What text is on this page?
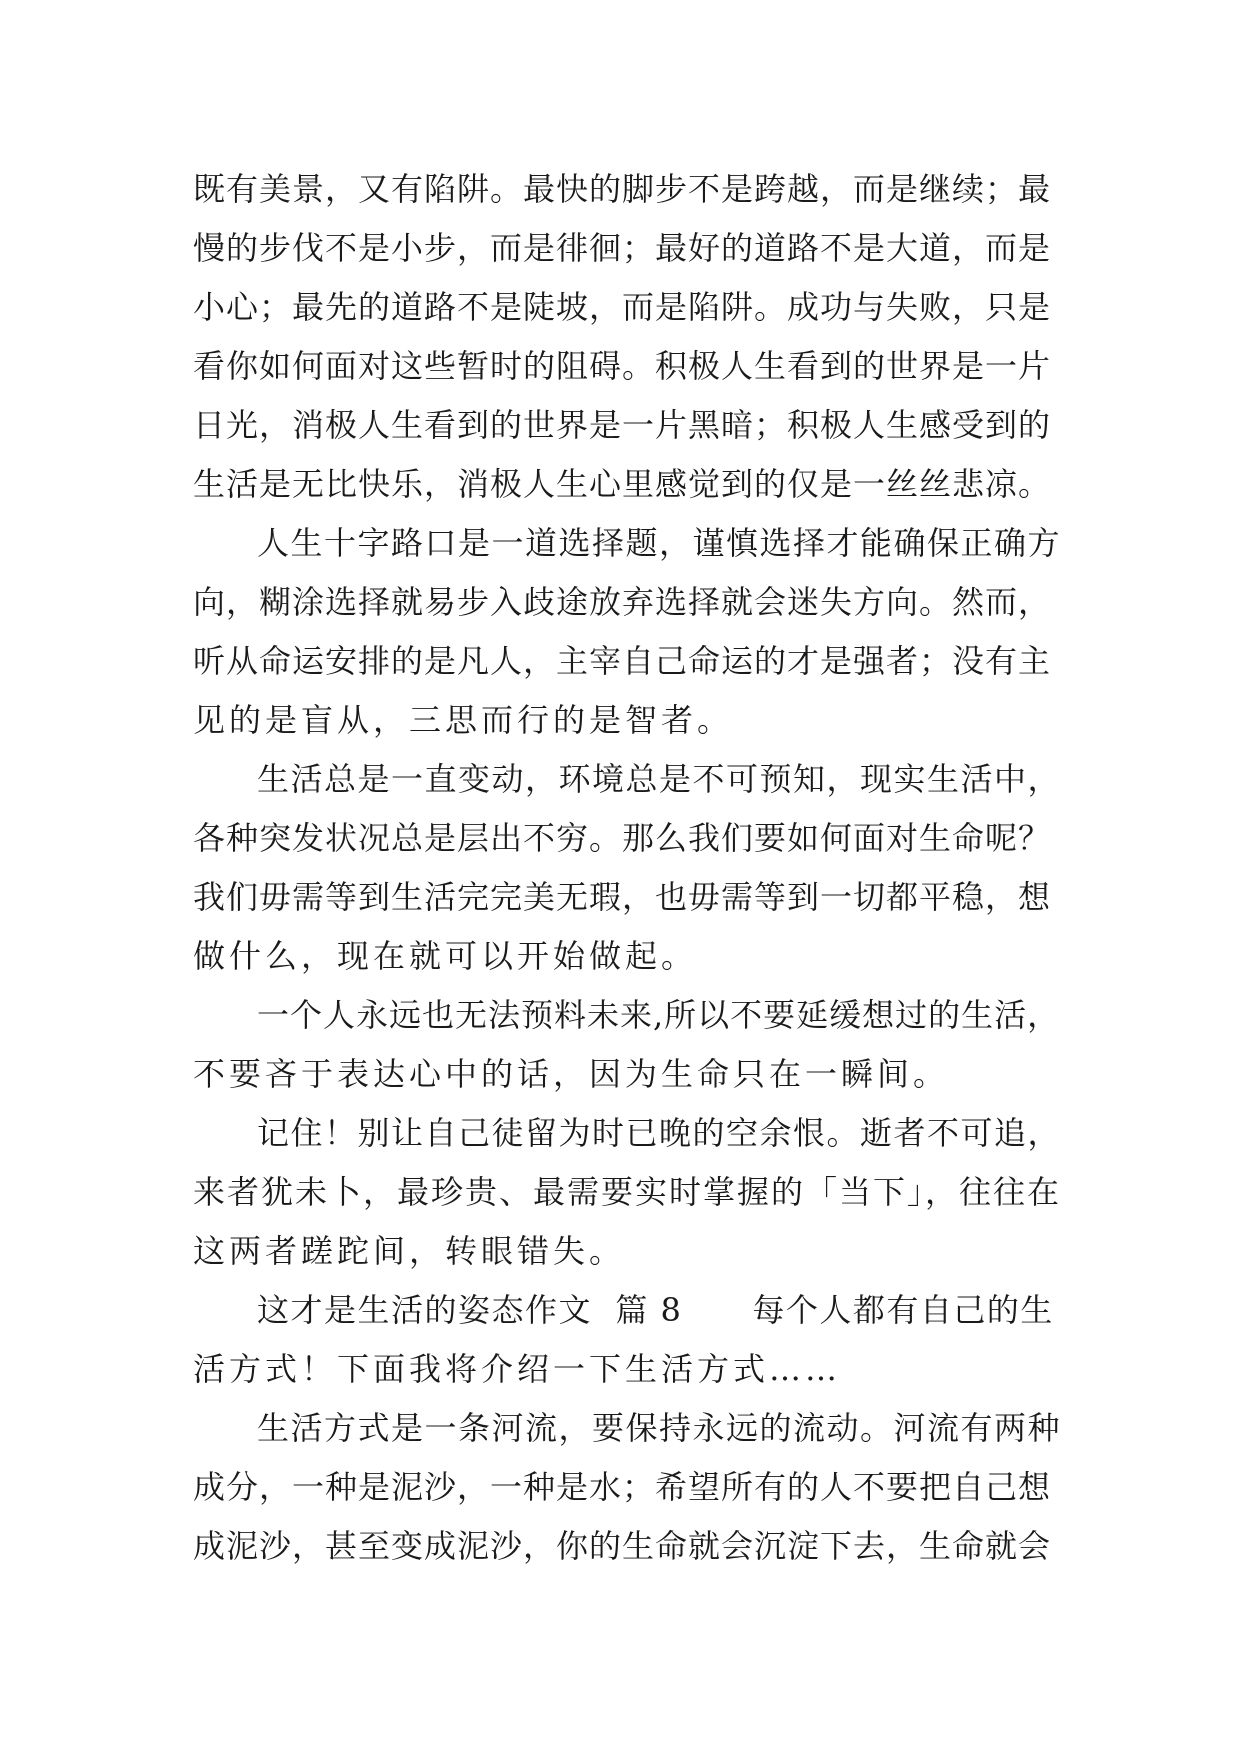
既有美景，又有陷阱。最快的脚步不是跨越，而是继续；最
慢的步伐不是小步，而是徘徊；最好的道路不是大道，而是
小心；最先的道路不是陡坡，而是陷阱。成功与失败，只是
看你如何面对这些暂时的阻碍。积极人生看到的世界是一片
日光，消极人生看到的世界是一片黑暗；积极人生感受到的
生活是无比快乐，消极人生心里感觉到的仅是一丝丝悲凉。
人生十字路口是一道选择题，谨慎选择才能确保正确方
向，糊涂选择就易步入歧途放弃选择就会迷失方向。然而，
听从命运安排的是凡人，主宰自己命运的才是强者；没有主
见的是盲从，三思而行的是智者。
生活总是一直变动，环境总是不可预知，现实生活中，
各种突发状况总是层出不穷。那么我们要如何面对生命呢？
我们毋需等到生活完完美无瑕，也毋需等到一切都平稳，想
做什么，现在就可以开始做起。
一个人永远也无法预料未来,所以不要延缓想过的生活，
不要吝于表达心中的话，因为生命只在一瞬间。
记住！别让自己徒留为时已晚的空余恨。逝者不可追，
来者犹未卜，最珍贵、最需要实时掌握的「当下」，往往在
这两者蹉跎间，转眼错失。
这才是生活的姿态作文  篇 8      每个人都有自己的生
活方式！下面我将介绍一下生活方式……
生活方式是一条河流，要保持永远的流动。河流有两种
成分，一种是泥沙，一种是水；希望所有的人不要把自己想
成泥沙，甚至变成泥沙，你的生命就会沉淀下去，生命就会
